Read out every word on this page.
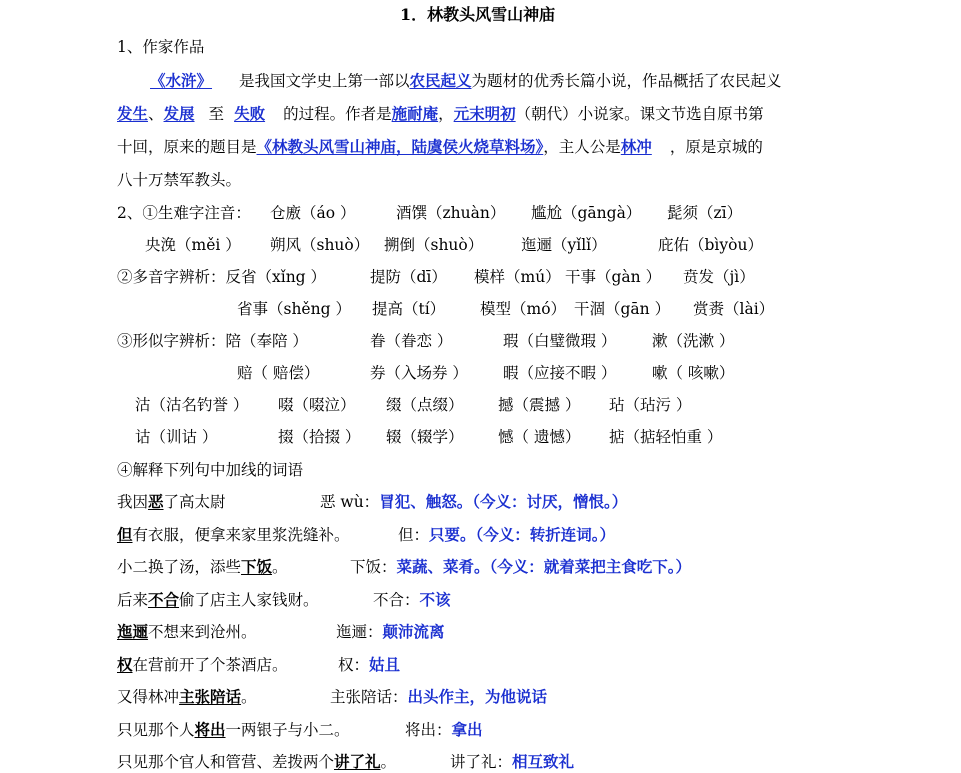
1．林教头风雪山神庙
1、作家作品
《水浒》 是我国文学史上第一部以农民起义为题材的优秀长篇小说，作品概括了农民起义
发生、发展 至 失败 的过程。作者是施耐庵，元末明初（朝代）小说家。课文节选自原书第
十回，原来的题目是《林教头风雪山神庙，陆虞侯火烧草料场》，主人公是林冲 ，原是京城的
八十万禁军教头。
2、①生难字注音： 仓廒（áo ）	酒馔（zhuàn） 尴尬（gāngà） 髭须（zī）
央浼（měi ） 朔风（shuò） 搠倒（shuò） 迤逦（yǐlǐ）	庇佑（bìyòu）
②多音字辨析：反省（xǐng ）	提防（dī） 模样（mú） 干事（gàn ） 贲发（jì）
省事（shěng ） 提高（tí） 模型（mó） 干涸（gān ） 赏赉（lài）
③形似字辨析：陪（奉陪 ）	眷（眷恋 ）	瑕（白璧微瑕 ） 漱（洗漱 ）
赔（ 赔偿）	券（入场券 ） 暇（应接不暇 ） 嗽（ 咳嗽）
沽（沽名钓誉 ） 啜（啜泣） 缀（点缀） 撼（震撼 ） 玷（玷污 ）
诂（训诂 ）	掇（拾掇 ） 辍（辍学） 憾（ 遗憾） 掂（掂轻怕重 ）
④解释下列句中加线的词语
我因恶了高太尉	恶 wù：冒犯、触怒。（今义：讨厌，憎恨。）
但有衣服，便拿来家里浆洗缝补。	但：只要。（今义：转折连词。）
小二换了汤，添些下饭。	下饭：菜蔬、菜肴。（今义：就着菜把主食吃下。）
后来不合偷了店主人家钱财。	不合：不该
迤逦不想来到沧州。	迤逦：颠沛流离
权在营前开了个茶酒店。	权：姑且
又得林冲主张陪话。	主张陪话：出头作主，为他说话
只见那个人将出一两银子与小二。	将出：拿出
只见那个官人和管营、差拨两个讲了礼。	讲了礼：相互致礼
